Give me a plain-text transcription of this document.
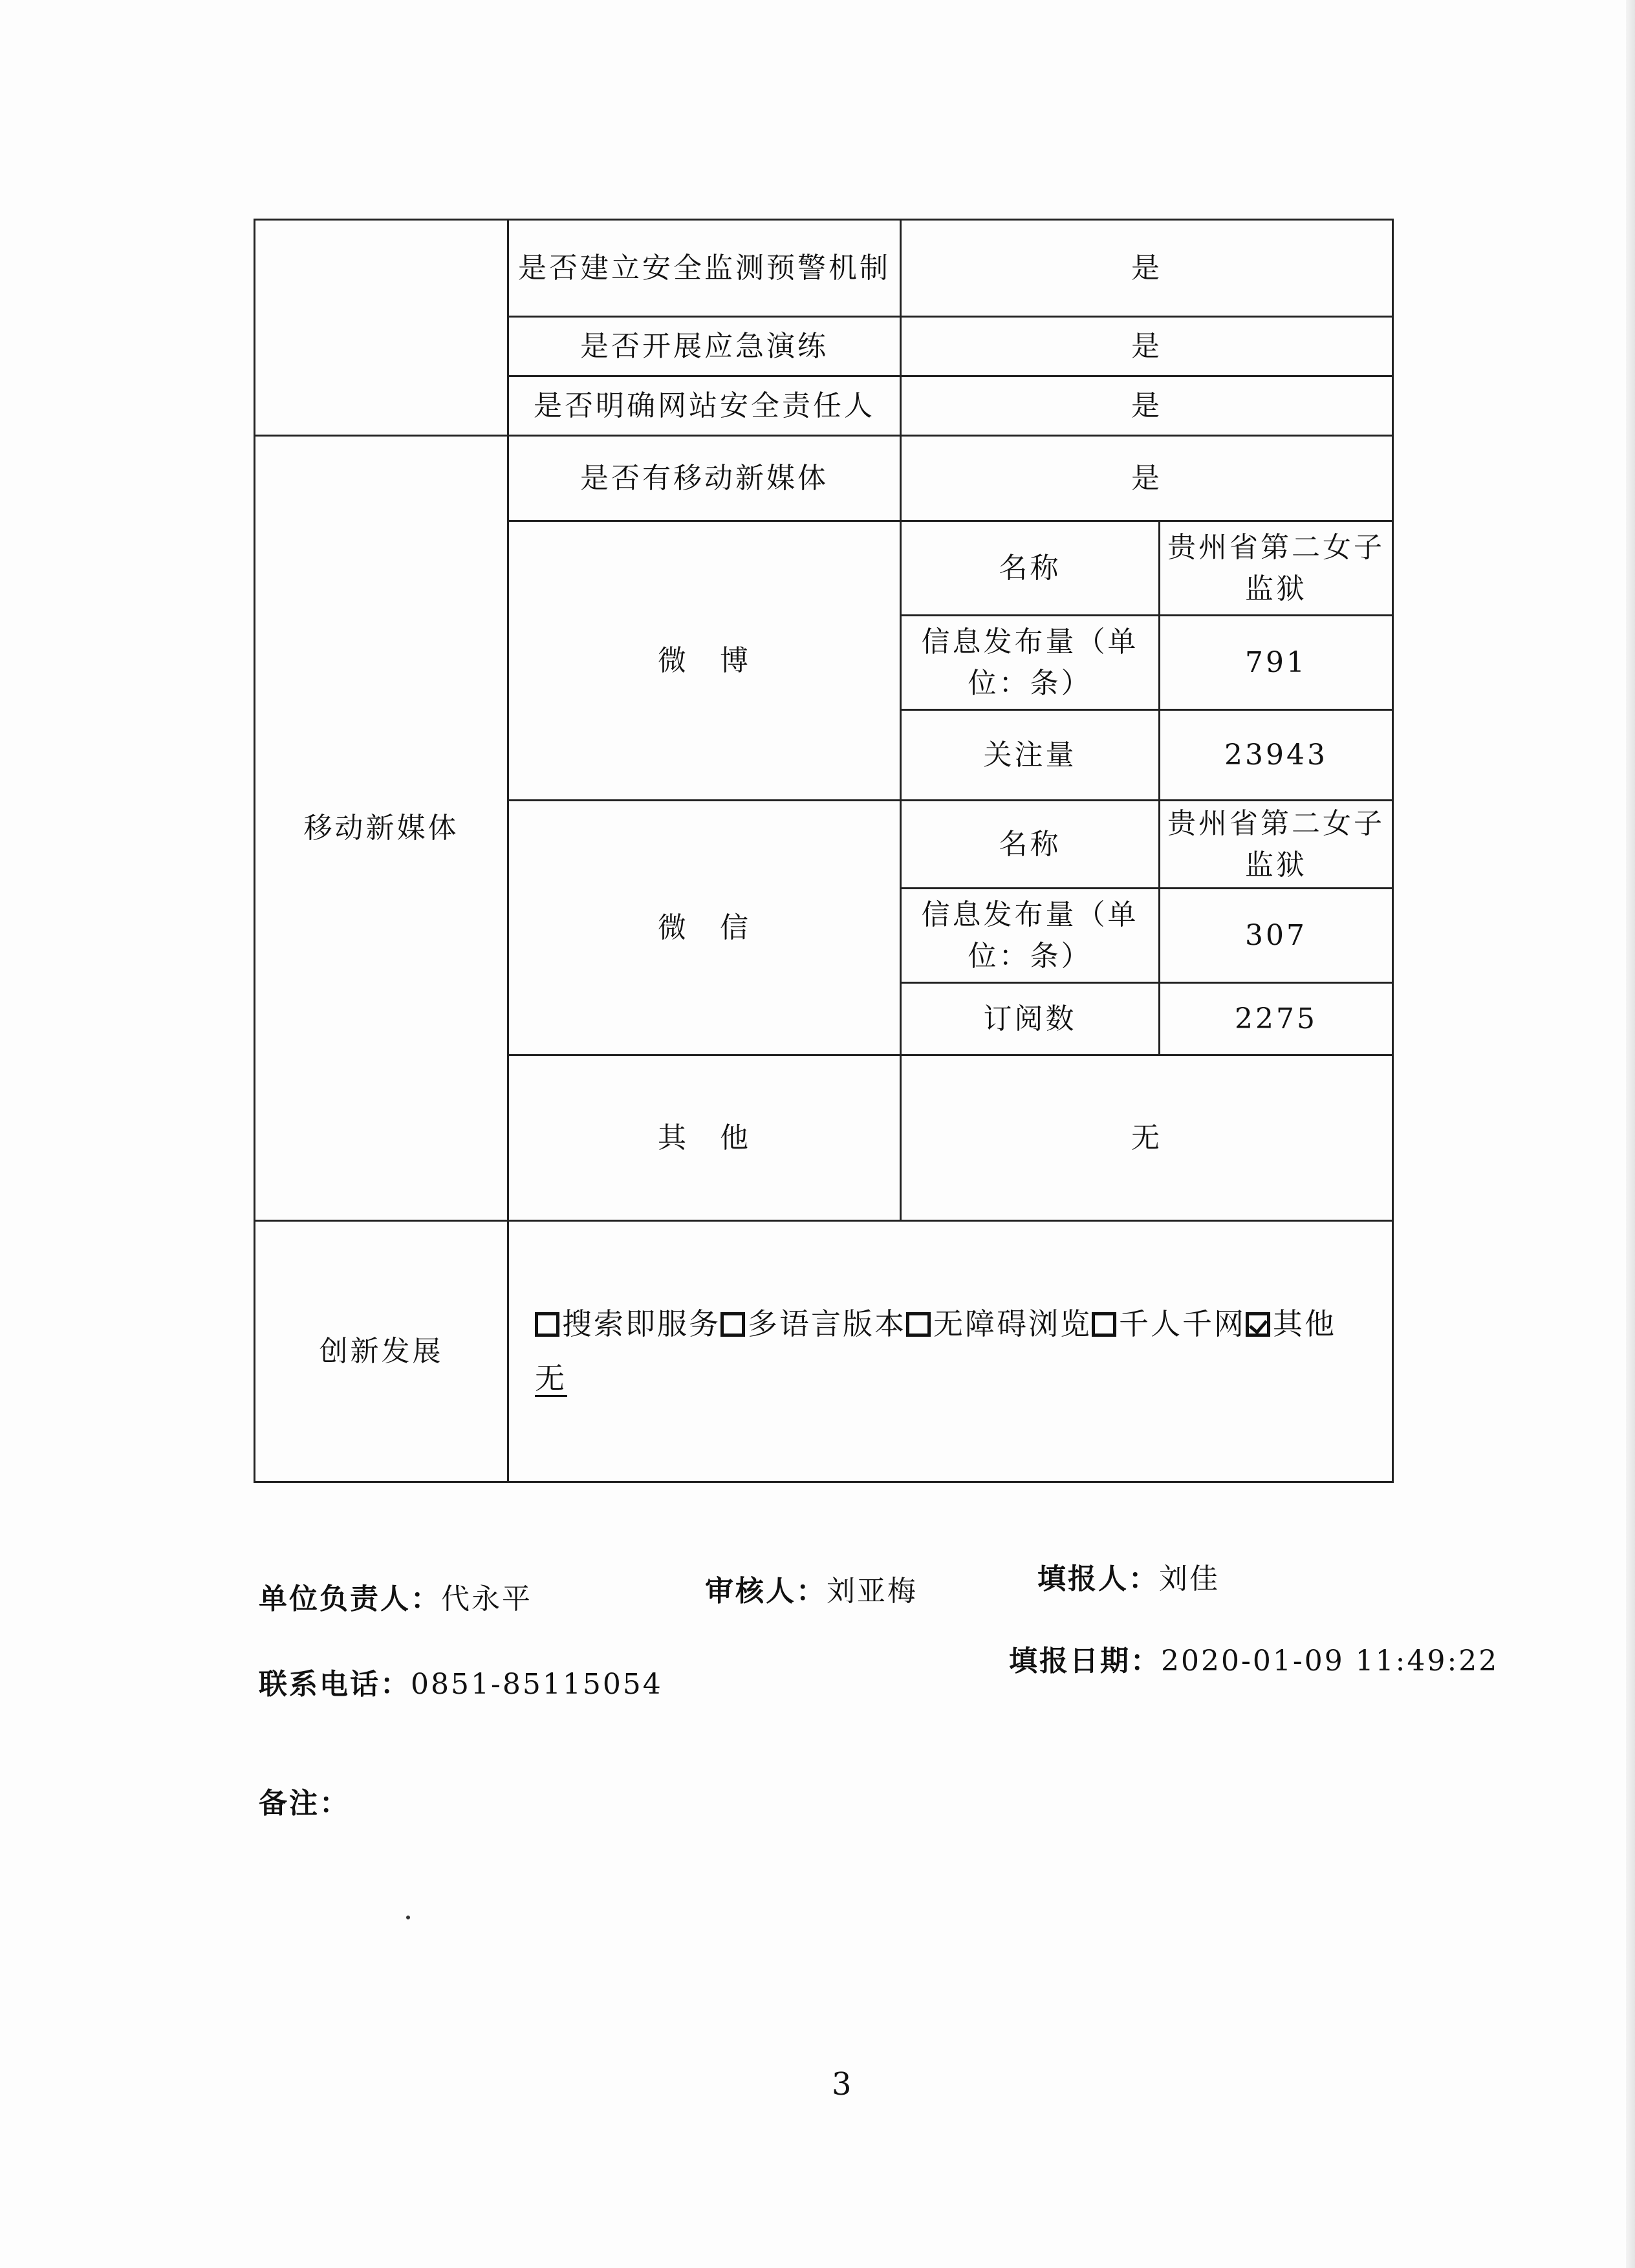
	是否建立安全监测预警机制	是	
	是否开展应急演练	是	
	是否明确网站安全责任人	是	
移动新媒体	是否有移动新媒体	是	
	微　博	名称	贵州省第二女子监狱
		信息发布量（单位：条）	791
		关注量	23943
	微　信	名称	贵州省第二女子监狱
		信息发布量（单位：条）	307
		订阅数	2275
	其　他	无	
创新发展	搜索即服务 多语言版本 无障碍浏览 千人千网 其他
无		
单位负责人：代永平	审核人：刘亚梅	填报人：刘佳
联系电话：0851-85115054
填报日期：2020-01-09 11:49:22
备注：
3
